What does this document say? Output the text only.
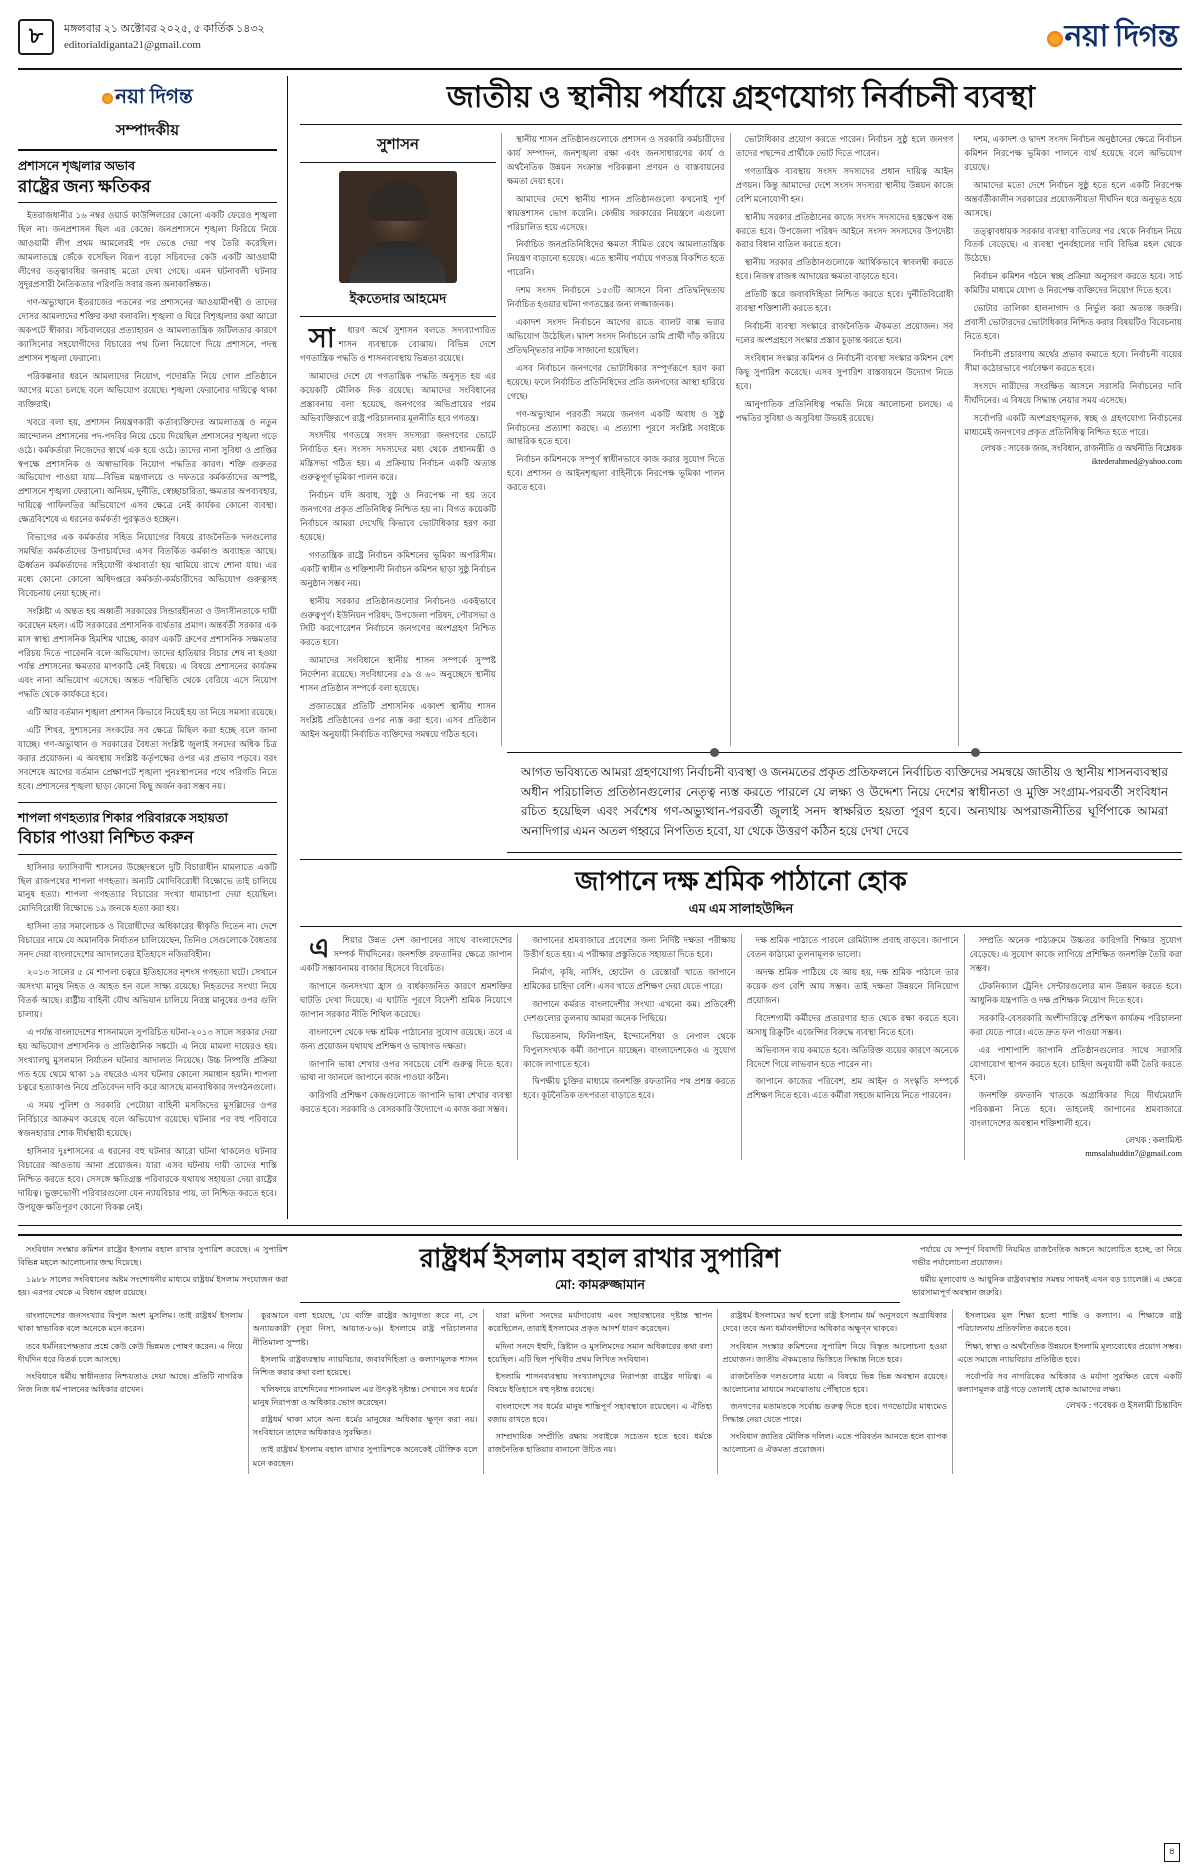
৮	মঙ্গলবার ২১ অক্টোবর ২০২৫, ৫ কার্তিক ১৪৩২
editorialdiganta21@gmail.com	নয়া দিগন্ত
নয়া দিগন্ত
সম্পাদকীয়
প্রশাসনে শৃঙ্খলার অভাব
রাষ্ট্রের জন্য ক্ষতিকর

ইতরাজধানীর ১৬ নম্বর ওয়ার্ড কাউন্সিলরের কোনো একটি ফেরেও শৃঙ্খলা ছিল না। জনপ্রশাসন ছিল এর কেন্দ্রে। জনপ্রশাসনে শৃঙ্খলা ফিরিয়ে নিয়ে আওয়ামী লীগ প্রথম আমলেরই পদ ভেঙে দেয়া পথ তৈরি করেছিল। আমলাতন্ত্রে জেঁকে বসেছিল বিরূপ বড়ো সচিবদের কেউ একটি আওয়ামী লীগের তত্ত্বাবধির জনরাহ মতো দেখা গেছে। এমন ঘটনাবলী ঘটনার সুদূরপ্রসারী নৈতিকতার পরিণতি সবার জন্য অনাকাঙ্ক্ষিত।

গণ-অভ্যুত্থানে ইতরাজের পতনের পর প্রশাসনের আওয়ামীপন্থী ও তাদের দোসর আমলাদের শক্তির কথা বলাবলি। শৃঙ্খলা ও ঘিরে বিশৃঙ্খলার কথা আরো অকপটে স্বীকার। সচিবালয়ের প্রত্যাহারন ও আমলাতান্ত্রিক জটিলতার কারণে ক্যাসিনোর সহযোগীদের বিচারের পথ ঢিলা নিয়োগে দিয়ে প্রশাসনে, পদস্থ প্রশাসন শৃঙ্খলা ফেরানো।

পরিকল্পনার ধরনে আমলাদের নিয়োগ, পদোন্নতি নিয়ে গোল প্রতিষ্ঠানে আগের মতো চলছে বলে অভিযোগ রয়েছে। শৃঙ্খলা ফেরানোর দায়িত্বে থাকা ব্যক্তিরাই।

খবরে বলা হয়, প্রশাসন নিয়ন্ত্রণকারী কর্তাব্যক্তিদের আমলাতন্ত্র ও নতুন আন্দোলন প্রশাসনের পদ-পদবির নিয়ে চেয়ে দিয়েছিল প্রশাসনের শৃঙ্খলা গড়ে ওঠে। কর্মকর্তারা নিজেদের স্বার্থে এক হয়ে ওঠে। তাদের নানা সুবিধা ও প্রাপ্তির স্বপক্ষে প্রশাসনিক ও অস্বাভাবিক নিয়োগ পদ্ধতির কারণ। শক্তি গুরুতর অভিযোগ পাওয়া যায়—বিভিন্ন মন্ত্রণালয়ে ও দফতরে কর্মকর্তাদের অস্পষ্ট, প্রশাসনে শৃঙ্খলা ফেরানো। অনিয়ম, দুর্নীতি, স্বেচ্ছাচারিতা, ক্ষমতার অপব্যবহার, দায়িত্বে গাফিলতির অভিযোগে এসব ক্ষেত্রে নেই কার্যকর কোনো ব্যবস্থা। ক্ষেত্রবিশেষে এ ধরনের কর্মকর্তা পুরস্কৃতও হচ্ছেন।

বিভাগের এক কর্মকর্তার সহিত নিয়োগের বিষয়ে রাজনৈতিক দলগুলোর সমর্থিত কর্মকর্তাদের উপাচার্যদের এসব বিতর্কিত কর্মকাণ্ড অব্যাহত আছে। ঊর্ধ্বতন কর্মকর্তাদের সহিযোগী কথাবার্তা হয় থামিয়ে রাখে শোনা যায়। এর মধ্যে কোনো কোনো অধিদপ্তরে কর্মকর্তা-কর্মচারীদের অভিযোগ গুরুত্বসহ বিবেচনায় নেয়া হচ্ছে না।

সংশ্লিষ্টা এ অন্তত হয় অধ্বর্তী সরকারের সিন্ডারহীনতা ও উদাসীনতাকে দায়ী করেছেন মহল। এটি সরকারের প্রশাসনিক ব্যর্থতার প্রমাণ। অন্তর্বর্তী সরকার এক মাস স্বাস্থ্য প্রশাসনিক হিমশিম খাচ্ছে, কারণ একটি গ্রুপের প্রশাসনিক সক্ষমতার পরিচয় দিতে পারেননি বলে অভিযোগ। তাদের হাতিয়ার বিচার শেষ না হওয়া পর্যন্ত প্রশাসনের ক্ষমতার মাপকাঠি নেই বিষয়ে। এ বিষয়ে প্রশাসনের কার্যক্রম এবং নানা অভিযোগ এসেছে। অন্তত পরিস্থিতি থেকে বেরিয়ে এসে নিয়োগ পদ্ধতি থেকে কার্যকরে হবে।

এটি আর বর্তমান শৃঙ্খলা প্রশাসন কিভাবে নিয়েই হয় তা নিয়ে সমস্যা রয়েছে।

এটি শিখর, সুশাসনের সংকটের সব ক্ষেত্রে মিছিল করা হচ্ছে বলে জানা যাচ্ছে। গণ-অভ্যুত্থান ও সরকারের বৈধতা সংশ্লিষ্ট জুলাই সনদের অধিক চিত্র করার প্রয়োজন। এ অবস্থায় সংশ্লিষ্ট কর্তৃপক্ষের ওপর এর প্রভাব পড়বে। বরং সবশেষে আগের বর্তমান প্রেক্ষাপটে শৃঙ্খলা পুনঃস্থাপনের পথে পরিণতি নিতে হবে। প্রশাসনের শৃঙ্খলা ছাড়া কোনো কিছু অর্জন করা সম্ভব নয়।

শাপলা গণহত্যার শিকার পরিবারকে সহায়তা
বিচার পাওয়া নিশ্চিত করুন

হাসিনার ফ্যাসিবাদী শাসনের উচ্ছেদস্থলে দুটি বিচারাধীন মামলাতে একটি ছিল রাজপথের শাপলা গণহত্যা। অন্যটি মোদিবিরোধী বিক্ষোভে তাই চালিয়ে মানুষ হত্যা। শাপলা গণহত্যার বিচারের সংখ্যা ধামাচাপা দেয়া হয়েছিল। মোদিবিরোধী বিক্ষোভে ১৯ জনকে হত্যা করা হয়।

হাসিনা তার সমালোচক ও বিরোধীদের অধিকারের স্বীকৃতি দিতেন না। দেশে বিচারের নামে যে অমানবিক নির্যাতন চালিয়েছেন, তিনিও সেগুলোকে বৈধতার সনদ দেয়া বাংলাদেশের আদালতের ইতিহাসে নজিরবিহীন।

২০১৩ সালের ৫ মে শাপলা চত্বরে ইতিহাসের নৃশংস গণহত্যা ঘটে। সেখানে অসংখ্য মানুষ নিহত ও আহত হন বলে সাক্ষ্য রয়েছে। নিহতদের সংখ্যা নিয়ে বিতর্ক আছে। রাষ্ট্রীয় বাহিনী যৌথ অভিযান চালিয়ে নিরস্ত্র মানুষের ওপর গুলি চালায়।

এ পর্যন্ত বাংলাদেশের শাসনামলে সুপরিচিত ঘটনা-২০১৩ সালে সরকার দেয়া হয় অভিযোগ প্রশাসনিক ও প্রাতিষ্ঠানিক সঙ্কটে। এ নিয়ে মামলা দায়েরও হয়। সংখ্যালঘু মুসলমান নির্যাতন ঘটনার আদালত নিয়েছে। উচ্চ নিষ্পত্তি প্রক্রিয়া গত হয়ে থেমে থাকা ১৯ বছরেও এসব ঘটনার কোনো সমাধান হয়নি। শাপলা চত্বরে হত্যাকাণ্ড নিয়ে প্রতিবেদন দাবি করে আসছে মানবাধিকার সংগঠনগুলো।

এ সময় পুলিশ ও সরকারি পেটোয়া বাহিনী মসজিদের মুসল্লিদের ওপর নির্বিচারে আক্রমণ করেছে বলে অভিযোগ রয়েছে। ঘটনার পর বহু পরিবারে স্বজনহারার শোক দীর্ঘস্থায়ী হয়েছে।

হাসিনার দুঃশাসনের এ ধরনের বহু ঘটনার আরো ঘটনা থাকলেও ঘটনার বিচারের আওতায় আনা প্রয়োজন। যারা এসব ঘটনায় দায়ী তাদের শাস্তি নিশ্চিত করতে হবে। সেসঙ্গে ক্ষতিগ্রস্ত পরিবারকে যথাযথ সহায়তা দেয়া রাষ্ট্রের দায়িত্ব। ভুক্তভোগী পরিবারগুলো যেন ন্যায়বিচার পায়, তা নিশ্চিত করতে হবে। উপযুক্ত ক্ষতিপূরণ কোনো বিকল্প নেই।

জাতীয় ও স্থানীয় পর্যায়ে গ্রহণযোগ্য নির্বাচনী ব্যবস্থা
সুশাসন
ইকতেদার আহমেদ

সাধারণ অর্থে সুশাসন বলতে সদ্যব্যাপারিত শাসন ব্যবস্থাকে বোঝায়। বিভিন্ন দেশে গণতান্ত্রিক পদ্ধতি ও শাসনব্যবস্থায় ভিন্নতা রয়েছে।

আমাদের দেশে যে গণতান্ত্রিক পদ্ধতি অনুসৃত হয় এর কয়েকটি মৌলিক দিক রয়েছে। আমাদের সংবিধানের প্রস্তাবনায় বলা হয়েছে, জনগণের অভিপ্রায়ের পরম অভিব্যক্তিরূপে রাষ্ট্র পরিচালনার মূলনীতি হবে গণতন্ত্র।

সংসদীয় গণতন্ত্রে সংসদ সদস্যরা জনগণের ভোটে নির্বাচিত হন। সংসদ সদস্যদের মধ্য থেকে প্রধানমন্ত্রী ও মন্ত্রিসভা গঠিত হয়। এ প্রক্রিয়ায় নির্বাচন একটি অত্যন্ত গুরুত্বপূর্ণ ভূমিকা পালন করে।

নির্বাচন যদি অবাধ, সুষ্ঠু ও নিরপেক্ষ না হয় তবে জনগণের প্রকৃত প্রতিনিধিত্ব নিশ্চিত হয় না। বিগত কয়েকটি নির্বাচনে আমরা দেখেছি কিভাবে ভোটাধিকার হরণ করা হয়েছে।

গণতান্ত্রিক রাষ্ট্রে নির্বাচন কমিশনের ভূমিকা অপরিসীম। একটি স্বাধীন ও শক্তিশালী নির্বাচন কমিশন ছাড়া সুষ্ঠু নির্বাচন অনুষ্ঠান সম্ভব নয়।

স্থানীয় সরকার প্রতিষ্ঠানগুলোর নির্বাচনও একইভাবে গুরুত্বপূর্ণ। ইউনিয়ন পরিষদ, উপজেলা পরিষদ, পৌরসভা ও সিটি করপোরেশন নির্বাচনে জনগণের অংশগ্রহণ নিশ্চিত করতে হবে।

আমাদের সংবিধানে স্থানীয় শাসন সম্পর্কে সুস্পষ্ট নির্দেশনা রয়েছে। সংবিধানের ৫৯ ও ৬০ অনুচ্ছেদে স্থানীয় শাসন প্রতিষ্ঠান সম্পর্কে বলা হয়েছে।

প্রজাতন্ত্রের প্রতিটি প্রশাসনিক একাংশ স্থানীয় শাসন সংশ্লিষ্ট প্রতিষ্ঠানের ওপর ন্যস্ত করা হবে। এসব প্রতিষ্ঠান আইন অনুযায়ী নির্বাচিত ব্যক্তিদের সমন্বয়ে গঠিত হবে।

স্থানীয় শাসন প্রতিষ্ঠানগুলোকে প্রশাসন ও সরকারি কর্মচারীদের কার্য সম্পাদন, জনশৃঙ্খলা রক্ষা এবং জনসাধারণের কার্য ও অর্থনৈতিক উন্নয়ন সংক্রান্ত পরিকল্পনা প্রণয়ন ও বাস্তবায়নের ক্ষমতা দেয়া হবে।

আমাদের দেশে স্থানীয় শাসন প্রতিষ্ঠানগুলো কখনোই পূর্ণ স্বায়ত্তশাসন ভোগ করেনি। কেন্দ্রীয় সরকারের নিয়ন্ত্রণে এগুলো পরিচালিত হয়ে এসেছে।

নির্বাচিত জনপ্রতিনিধিদের ক্ষমতা সীমিত রেখে আমলাতান্ত্রিক নিয়ন্ত্রণ বাড়ানো হয়েছে। এতে স্থানীয় পর্যায়ে গণতন্ত্র বিকশিত হতে পারেনি।

দশম সংসদ নির্বাচনে ১৫৩টি আসনে বিনা প্রতিদ্বন্দ্বিতায় নির্বাচিত হওয়ার ঘটনা গণতন্ত্রের জন্য লজ্জাজনক।

একাদশ সংসদ নির্বাচনে আগের রাতে ব্যালট বাক্স ভরার অভিযোগ উঠেছিল। দ্বাদশ সংসদ নির্বাচনে ডামি প্রার্থী দাঁড় করিয়ে প্রতিদ্বন্দ্বিতার নাটক সাজানো হয়েছিল।

এসব নির্বাচনে জনগণের ভোটাধিকার সম্পূর্ণরূপে হরণ করা হয়েছে। ফলে নির্বাচিত প্রতিনিধিদের প্রতি জনগণের আস্থা হারিয়ে গেছে।

গণ-অভ্যুত্থান পরবর্তী সময়ে জনগণ একটি অবাধ ও সুষ্ঠু নির্বাচনের প্রত্যাশা করছে। এ প্রত্যাশা পূরণে সংশ্লিষ্ট সবাইকে আন্তরিক হতে হবে।

নির্বাচন কমিশনকে সম্পূর্ণ স্বাধীনভাবে কাজ করার সুযোগ দিতে হবে। প্রশাসন ও আইনশৃঙ্খলা বাহিনীকে নিরপেক্ষ ভূমিকা পালন করতে হবে।

ভোটাধিকার প্রয়োগ করতে পারেন। নির্বাচন সুষ্ঠু হলে জনগণ তাদের পছন্দের প্রার্থীকে ভোট দিতে পারেন।

গণতান্ত্রিক ব্যবস্থায় সংসদ সদস্যদের প্রধান দায়িত্ব আইন প্রণয়ন। কিন্তু আমাদের দেশে সংসদ সদস্যরা স্থানীয় উন্নয়ন কাজে বেশি মনোযোগী হন।

স্থানীয় সরকার প্রতিষ্ঠানের কাজে সংসদ সদস্যদের হস্তক্ষেপ বন্ধ করতে হবে। উপজেলা পরিষদ আইনে সংসদ সদস্যদের উপদেষ্টা করার বিধান বাতিল করতে হবে।

স্থানীয় সরকার প্রতিষ্ঠানগুলোকে আর্থিকভাবে স্বাবলম্বী করতে হবে। নিজস্ব রাজস্ব আদায়ের ক্ষমতা বাড়াতে হবে।

প্রতিটি স্তরে জবাবদিহিতা নিশ্চিত করতে হবে। দুর্নীতিবিরোধী ব্যবস্থা শক্তিশালী করতে হবে।

নির্বাচনী ব্যবস্থা সংস্কারে রাজনৈতিক ঐকমত্য প্রয়োজন। সব দলের অংশগ্রহণে সংস্কার প্রস্তাব চূড়ান্ত করতে হবে।

সংবিধান সংস্কার কমিশন ও নির্বাচনী ব্যবস্থা সংস্কার কমিশন বেশ কিছু সুপারিশ করেছে। এসব সুপারিশ বাস্তবায়নে উদ্যোগ নিতে হবে।

আনুপাতিক প্রতিনিধিত্ব পদ্ধতি নিয়ে আলোচনা চলছে। এ পদ্ধতির সুবিধা ও অসুবিধা উভয়ই রয়েছে।

দশম, একাদশ ও দ্বাদশ সংসদ নির্বাচন অনুষ্ঠানের ক্ষেত্রে নির্বাচন কমিশন নিরপেক্ষ ভূমিকা পালনে ব্যর্থ হয়েছে বলে অভিযোগ রয়েছে।

আমাদের মতো দেশে নির্বাচন সুষ্ঠু হতে হলে একটি নিরপেক্ষ অন্তর্বর্তীকালীন সরকারের প্রয়োজনীয়তা দীর্ঘদিন ধরে অনুভূত হয়ে আসছে।

তত্ত্বাবধায়ক সরকার ব্যবস্থা বাতিলের পর থেকে নির্বাচন নিয়ে বিতর্ক বেড়েছে। এ ব্যবস্থা পুনর্বহালের দাবি বিভিন্ন মহল থেকে উঠেছে।

নির্বাচন কমিশন গঠনে স্বচ্ছ প্রক্রিয়া অনুসরণ করতে হবে। সার্চ কমিটির মাধ্যমে যোগ্য ও নিরপেক্ষ ব্যক্তিদের নিয়োগ দিতে হবে।

ভোটার তালিকা হালনাগাদ ও নির্ভুল করা অত্যন্ত জরুরি। প্রবাসী ভোটারদের ভোটাধিকার নিশ্চিত করার বিষয়টিও বিবেচনায় নিতে হবে।

নির্বাচনী প্রচারণায় অর্থের প্রভাব কমাতে হবে। নির্বাচনী ব্যয়ের সীমা কঠোরভাবে পর্যবেক্ষণ করতে হবে।

সংসদে নারীদের সংরক্ষিত আসনে সরাসরি নির্বাচনের দাবি দীর্ঘদিনের। এ বিষয়ে সিদ্ধান্ত নেয়ার সময় এসেছে।

সর্বোপরি একটি অংশগ্রহণমূলক, স্বচ্ছ ও গ্রহণযোগ্য নির্বাচনের মাধ্যমেই জনগণের প্রকৃত প্রতিনিধিত্ব নিশ্চিত হতে পারে।

লেখক : সাবেক জজ, সংবিধান, রাজনীতি ও অর্থনীতি বিশ্লেষক
iktederahmed@yahoo.com
আগত ভবিষ্যতে আমরা গ্রহণযোগ্য নির্বাচনী ব্যবস্থা ও জনমতের প্রকৃত প্রতিফলনে নির্বাচিত ব্যক্তিদের সমন্বয়ে জাতীয় ও স্থানীয় শাসনব্যবস্থার অধীন পরিচালিত প্রতিষ্ঠানগুলোর নেতৃত্ব ন্যস্ত করতে পারলে যে লক্ষ্য ও উদ্দেশ্য নিয়ে দেশের স্বাধীনতা ও মুক্তি সংগ্রাম-পরবর্তী সংবিধান রচিত হয়েছিল এবং সর্বশেষ গণ-অভ্যুত্থান-পরবর্তী জুলাই সনদ স্বাক্ষরিত হয়তা পূরণ হবে। অন্যথায় অপরাজনীতির ঘূর্ণিপাকে আমরা অনাদিগার এমন অতল গহ্বরে নিপতিত হবো, যা থেকে উত্তরণ কঠিন হয়ে দেখা দেবে
জাপানে দক্ষ শ্রমিক পাঠানো হোক
এম এম সালাহউদ্দিন

এশিয়ার উন্নত দেশ জাপানের সাথে বাংলাদেশের সম্পর্ক দীর্ঘদিনের। জনশক্তি রফতানির ক্ষেত্রে জাপান একটি সম্ভাবনাময় বাজার হিসেবে বিবেচিত।

জাপানে জনসংখ্যা হ্রাস ও বার্ধক্যজনিত কারণে শ্রমশক্তির ঘাটতি দেখা দিয়েছে। এ ঘাটতি পূরণে বিদেশী শ্রমিক নিয়োগে জাপান সরকার নীতি শিথিল করেছে।

বাংলাদেশ থেকে দক্ষ শ্রমিক পাঠানোর সুযোগ রয়েছে। তবে এ জন্য প্রয়োজন যথাযথ প্রশিক্ষণ ও ভাষাগত দক্ষতা।

জাপানি ভাষা শেখার ওপর সবচেয়ে বেশি গুরুত্ব দিতে হবে। ভাষা না জানলে জাপানে কাজ পাওয়া কঠিন।

কারিগরি প্রশিক্ষণ কেন্দ্রগুলোতে জাপানি ভাষা শেখার ব্যবস্থা করতে হবে। সরকারি ও বেসরকারি উদ্যোগে এ কাজ করা সম্ভব।

জাপানের শ্রমবাজারে প্রবেশের জন্য নির্দিষ্ট দক্ষতা পরীক্ষায় উত্তীর্ণ হতে হয়। এ পরীক্ষার প্রস্তুতিতে সহায়তা দিতে হবে।

নির্মাণ, কৃষি, নার্সিং, হোটেল ও রেস্তোরাঁ খাতে জাপানে শ্রমিকের চাহিদা বেশি। এসব খাতে প্রশিক্ষণ দেয়া যেতে পারে।

জাপানে কর্মরত বাংলাদেশীর সংখ্যা এখনো কম। প্রতিবেশী দেশগুলোর তুলনায় আমরা অনেক পিছিয়ে।

ভিয়েতনাম, ফিলিপাইন, ইন্দোনেশিয়া ও নেপাল থেকে বিপুলসংখ্যক কর্মী জাপানে যাচ্ছেন। বাংলাদেশকেও এ সুযোগ কাজে লাগাতে হবে।

দ্বিপক্ষীয় চুক্তির মাধ্যমে জনশক্তি রফতানির পথ প্রশস্ত করতে হবে। কূটনৈতিক তৎপরতা বাড়াতে হবে।

দক্ষ শ্রমিক পাঠাতে পারলে রেমিট্যান্স প্রবাহ বাড়বে। জাপানে বেতন কাঠামো তুলনামূলক ভালো।

অদক্ষ শ্রমিক পাঠিয়ে যে আয় হয়, দক্ষ শ্রমিক পাঠালে তার কয়েক গুণ বেশি আয় সম্ভব। তাই দক্ষতা উন্নয়নে বিনিয়োগ প্রয়োজন।

বিদেশগামী কর্মীদের প্রতারণার হাত থেকে রক্ষা করতে হবে। অসাধু রিক্রুটিং এজেন্সির বিরুদ্ধে ব্যবস্থা নিতে হবে।

অভিবাসন ব্যয় কমাতে হবে। অতিরিক্ত ব্যয়ের কারণে অনেকে বিদেশে গিয়ে লাভবান হতে পারেন না।

জাপানে কাজের পরিবেশ, শ্রম আইন ও সংস্কৃতি সম্পর্কে প্রশিক্ষণ দিতে হবে। এতে কর্মীরা সহজে মানিয়ে নিতে পারবেন।

সম্প্রতি অনেক পাঠ্যক্রমে উচ্চতর কারিগরি শিক্ষার সুযোগ বেড়েছে। এ সুযোগ কাজে লাগিয়ে প্রশিক্ষিত জনশক্তি তৈরি করা সম্ভব।

টেকনিক্যাল ট্রেনিং সেন্টারগুলোর মান উন্নয়ন করতে হবে। আধুনিক যন্ত্রপাতি ও দক্ষ প্রশিক্ষক নিয়োগ দিতে হবে।

সরকারি-বেসরকারি অংশীদারিত্বে প্রশিক্ষণ কার্যক্রম পরিচালনা করা যেতে পারে। এতে দ্রুত ফল পাওয়া সম্ভব।

এর পাশাপাশি জাপানি প্রতিষ্ঠানগুলোর সাথে সরাসরি যোগাযোগ স্থাপন করতে হবে। চাহিদা অনুযায়ী কর্মী তৈরি করতে হবে।

জনশক্তি রফতানি খাতকে অগ্রাধিকার দিয়ে দীর্ঘমেয়াদি পরিকল্পনা নিতে হবে। তাহলেই জাপানের শ্রমবাজারে বাংলাদেশের অবস্থান শক্তিশালী হবে।

লেখক : কলামিস্ট
mmsalahuddin7@gmail.com

সংবিধান সংস্কার কমিশন রাষ্ট্রের ইসলাম বহাল রাখার সুপারিশ করেছে। এ সুপারিশ বিভিন্ন মহলে আলোচনার জন্ম দিয়েছে।

১৯৮৮ সালের সংবিধানের অষ্টম সংশোধনীর মাধ্যমে রাষ্ট্রধর্ম ইসলাম সংযোজন করা হয়। এরপর থেকে এ বিধান বহাল রয়েছে।

রাষ্ট্রধর্ম ইসলাম বহাল রাখার সুপারিশ
মো: কামরুজ্জামান

পর্যায়ে যে সম্পূর্ণ বিবাদটি নিয়মিত রাজনৈতিক অঙ্গনে আলোচিত হচ্ছে, তা নিয়ে গভীর পর্যালোচনা প্রয়োজন।

ধর্মীয় মূল্যবোধ ও আধুনিক রাষ্ট্রব্যবস্থার সমন্বয় সাধনই এখন বড় চ্যালেঞ্জ। এ ক্ষেত্রে ভারসাম্যপূর্ণ অবস্থান জরুরি।

বাংলাদেশের জনসংখ্যার বিপুল অংশ মুসলিম। তাই রাষ্ট্রধর্ম ইসলাম থাকা স্বাভাবিক বলে অনেকে মনে করেন।

তবে ধর্মনিরপেক্ষতার প্রশ্নে কেউ কেউ ভিন্নমত পোষণ করেন। এ নিয়ে দীর্ঘদিন ধরে বিতর্ক চলে আসছে।

সংবিধানে ধর্মীয় স্বাধীনতার নিশ্চয়তাও দেয়া আছে। প্রতিটি নাগরিক নিজ নিজ ধর্ম পালনের অধিকার রাখেন।

কুরআনে বলা হয়েছে, 'যে ব্যক্তি রাষ্ট্রের আনুগত্য করে না, সে অন্যায়কারী' (সূরা নিসা, আয়াত-৮৬)। ইসলামে রাষ্ট্র পরিচালনার নীতিমালা সুস্পষ্ট।

ইসলামি রাষ্ট্রব্যবস্থায় ন্যায়বিচার, জবাবদিহিতা ও কল্যাণমূলক শাসন নিশ্চিত করার কথা বলা হয়েছে।

খলিফায়ে রাশেদিনের শাসনামল এর উৎকৃষ্ট দৃষ্টান্ত। সেখানে সব ধর্মের মানুষ নিরাপত্তা ও অধিকার ভোগ করেছেন।

রাষ্ট্রধর্ম থাকা মানে অন্য ধর্মের মানুষের অধিকার ক্ষুণ্ন করা নয়। সংবিধানে তাদের অধিকারও সুরক্ষিত।

তাই রাষ্ট্রধর্ম ইসলাম বহাল রাখার সুপারিশকে অনেকেই যৌক্তিক বলে মনে করছেন।

যারা মদিনা সনদের মর্যাদাবোধ এবং সহাবস্থানের দৃষ্টান্ত স্থাপন করেছিলেন, তারাই ইসলামের প্রকৃত আদর্শ ধারণ করেছেন।

মদিনা সনদে ইহুদি, খ্রিষ্টান ও মুসলিমদের সমান অধিকারের কথা বলা হয়েছিল। এটি ছিল পৃথিবীর প্রথম লিখিত সংবিধান।

ইসলামি শাসনব্যবস্থায় সংখ্যালঘুদের নিরাপত্তা রাষ্ট্রের দায়িত্ব। এ বিষয়ে ইতিহাসে বহু দৃষ্টান্ত রয়েছে।

বাংলাদেশে সব ধর্মের মানুষ শান্তিপূর্ণ সহাবস্থানে রয়েছেন। এ ঐতিহ্য বজায় রাখতে হবে।

সাম্প্রদায়িক সম্প্রীতি রক্ষায় সবাইকে সচেতন হতে হবে। ধর্মকে রাজনৈতিক হাতিয়ার বানানো উচিত নয়।

রাষ্ট্রধর্ম ইসলামের অর্থ হলো রাষ্ট্র ইসলাম ধর্ম অনুসরণে অগ্রাধিকার দেবে। তবে অন্য ধর্মাবলম্বীদের অধিকার অক্ষুণ্ন থাকবে।

সংবিধান সংস্কার কমিশনের সুপারিশ নিয়ে বিস্তৃত আলোচনা হওয়া প্রয়োজন। জাতীয় ঐকমত্যের ভিত্তিতে সিদ্ধান্ত নিতে হবে।

রাজনৈতিক দলগুলোর মধ্যে এ বিষয়ে ভিন্ন ভিন্ন অবস্থান রয়েছে। আলোচনার মাধ্যমে সমঝোতায় পৌঁছাতে হবে।

জনগণের মতামতকে সর্বোচ্চ গুরুত্ব দিতে হবে। গণভোটের মাধ্যমেও সিদ্ধান্ত নেয়া যেতে পারে।

সংবিধান জাতির মৌলিক দলিল। এতে পরিবর্তন আনতে হলে ব্যাপক আলোচনা ও ঐকমত্য প্রয়োজন।

ইসলামের মূল শিক্ষা হলো শান্তি ও কল্যাণ। এ শিক্ষাকে রাষ্ট্র পরিচালনায় প্রতিফলিত করতে হবে।

শিক্ষা, স্বাস্থ্য ও অর্থনৈতিক উন্নয়নে ইসলামি মূল্যবোধের প্রয়োগ সম্ভব। এতে সমাজে ন্যায়বিচার প্রতিষ্ঠিত হবে।

সর্বোপরি সব নাগরিকের অধিকার ও মর্যাদা সুরক্ষিত রেখে একটি কল্যাণমূলক রাষ্ট্র গড়ে তোলাই হোক আমাদের লক্ষ্য।

লেখক : গবেষক ও ইসলামী চিন্তাবিদ
৪
